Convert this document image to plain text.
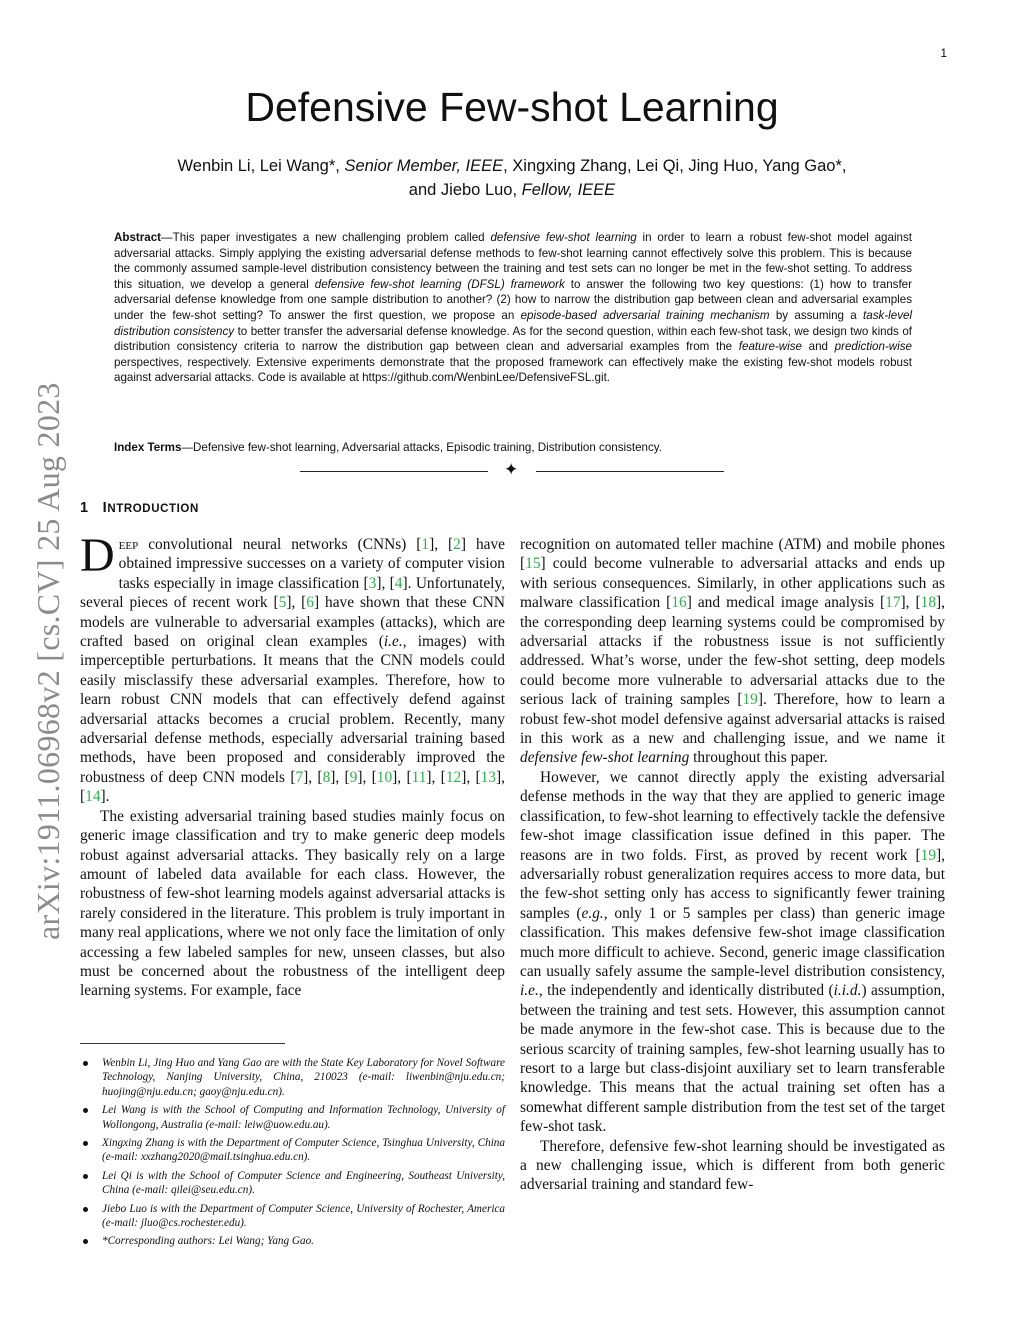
1
arXiv:1911.06968v2 [cs.CV] 25 Aug 2023
Defensive Few-shot Learning
Wenbin Li, Lei Wang*, Senior Member, IEEE, Xingxing Zhang, Lei Qi, Jing Huo, Yang Gao*,
and Jiebo Luo, Fellow, IEEE

Abstract—This paper investigates a new challenging problem called defensive few-shot learning in order to learn a robust few-shot model against adversarial attacks. Simply applying the existing adversarial defense methods to few-shot learning cannot effectively solve this problem. This is because the commonly assumed sample-level distribution consistency between the training and test sets can no longer be met in the few-shot setting. To address this situation, we develop a general defensive few-shot learning (DFSL) framework to answer the following two key questions: (1) how to transfer adversarial defense knowledge from one sample distribution to another? (2) how to narrow the distribution gap between clean and adversarial examples under the few-shot setting? To answer the first question, we propose an episode-based adversarial training mechanism by assuming a task-level distribution consistency to better transfer the adversarial defense knowledge. As for the second question, within each few-shot task, we design two kinds of distribution consistency criteria to narrow the distribution gap between clean and adversarial examples from the feature-wise and prediction-wise perspectives, respectively. Extensive experiments demonstrate that the proposed framework can effectively make the existing few-shot models robust against adversarial attacks. Code is available at https://github.com/WenbinLee/DefensiveFSL.git.

Index Terms—Defensive few-shot learning, Adversarial attacks, Episodic training, Distribution consistency.

✦
1 INTRODUCTION

Deep convolutional neural networks (CNNs) [1], [2] have obtained impressive successes on a variety of computer vision tasks especially in image classification [3], [4]. Unfortunately, several pieces of recent work [5], [6] have shown that these CNN models are vulnerable to adversarial examples (attacks), which are crafted based on original clean examples (i.e., images) with imperceptible perturbations. It means that the CNN models could easily misclassify these adversarial examples. Therefore, how to learn robust CNN models that can effectively defend against adversarial attacks becomes a crucial problem. Recently, many adversarial defense methods, especially adversarial training based methods, have been proposed and considerably improved the robustness of deep CNN models [7], [8], [9], [10], [11], [12], [13], [14].

The existing adversarial training based studies mainly focus on generic image classification and try to make generic deep models robust against adversarial attacks. They basically rely on a large amount of labeled data available for each class. However, the robustness of few-shot learning models against adversarial attacks is rarely considered in the literature. This problem is truly important in many real applications, where we not only face the limitation of only accessing a few labeled samples for new, unseen classes, but also must be concerned about the robustness of the intelligent deep learning systems. For example, face

Wenbin Li, Jing Huo and Yang Gao are with the State Key Laboratory for Novel Software Technology, Nanjing University, China, 210023 (e-mail: liwenbin@nju.edu.cn; huojing@nju.edu.cn; gaoy@nju.edu.cn).
Lei Wang is with the School of Computing and Information Technology, University of Wollongong, Australia (e-mail: leiw@uow.edu.au).
Xingxing Zhang is with the Department of Computer Science, Tsinghua University, China (e-mail: xxzhang2020@mail.tsinghua.edu.cn).
Lei Qi is with the School of Computer Science and Engineering, Southeast University, China (e-mail: qilei@seu.edu.cn).
Jiebo Luo is with the Department of Computer Science, University of Rochester, America (e-mail: jluo@cs.rochester.edu).
*Corresponding authors: Lei Wang; Yang Gao.

recognition on automated teller machine (ATM) and mobile phones [15] could become vulnerable to adversarial attacks and ends up with serious consequences. Similarly, in other applications such as malware classification [16] and medical image analysis [17], [18], the corresponding deep learning systems could be compromised by adversarial attacks if the robustness issue is not sufficiently addressed. What’s worse, under the few-shot setting, deep models could become more vulnerable to adversarial attacks due to the serious lack of training samples [19]. Therefore, how to learn a robust few-shot model defensive against adversarial attacks is raised in this work as a new and challenging issue, and we name it defensive few-shot learning throughout this paper.

However, we cannot directly apply the existing adversarial defense methods in the way that they are applied to generic image classification, to few-shot learning to effectively tackle the defensive few-shot image classification issue defined in this paper. The reasons are in two folds. First, as proved by recent work [19], adversarially robust generalization requires access to more data, but the few-shot setting only has access to significantly fewer training samples (e.g., only 1 or 5 samples per class) than generic image classification. This makes defensive few-shot image classification much more difficult to achieve. Second, generic image classification can usually safely assume the sample-level distribution consistency, i.e., the independently and identically distributed (i.i.d.) assumption, between the training and test sets. However, this assumption cannot be made anymore in the few-shot case. This is because due to the serious scarcity of training samples, few-shot learning usually has to resort to a large but class-disjoint auxiliary set to learn transferable knowledge. This means that the actual training set often has a somewhat different sample distribution from the test set of the target few-shot task.

Therefore, defensive few-shot learning should be investigated as a new challenging issue, which is different from both generic adversarial training and standard few-
